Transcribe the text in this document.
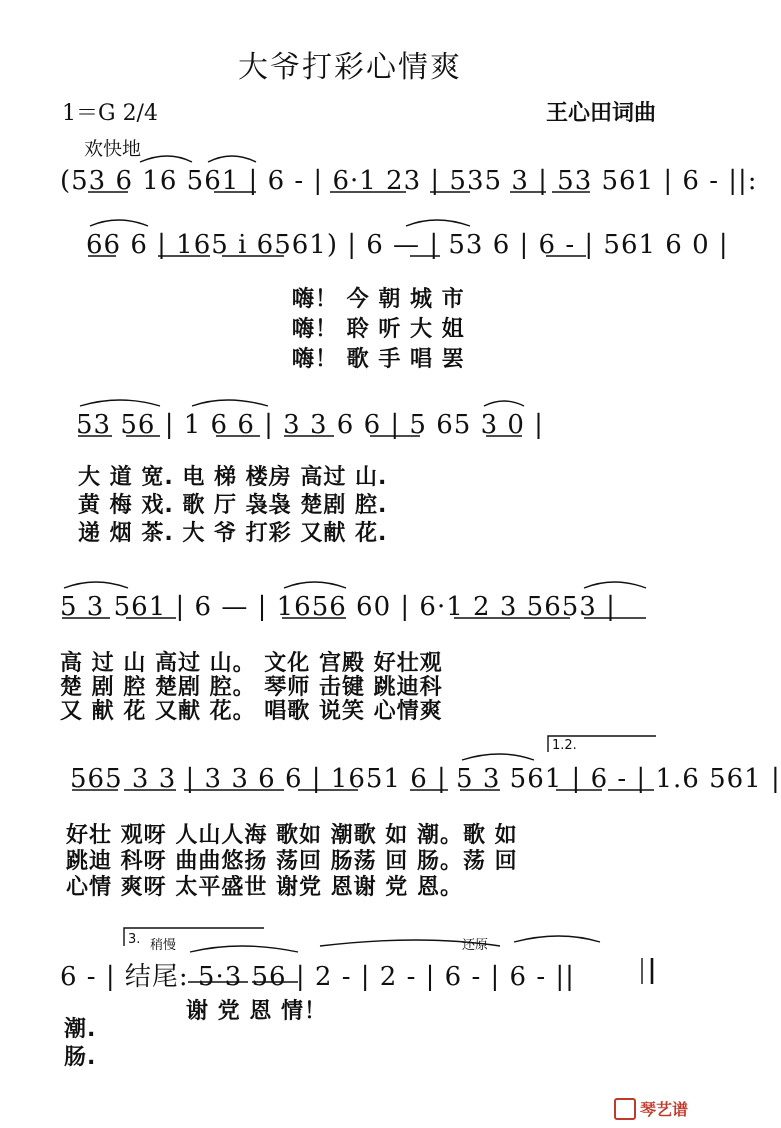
大爷打彩心情爽
1＝G 2/4	王心田词曲
欢快地
(53 6 16 561 | 6 - | 6·1 23 | 535 3 | 53 561 | 6 - ||:
66 6 | 165 i 6561) | 6 — | 53 6 | 6 - | 561 6 0 |
嗨！ 今 朝 城 市
嗨！ 聆 听 大 姐
嗨！ 歌 手 唱 罢
53 56 | 1 6 6 | 3 3 6 6 | 5 65 3 0 |
大 道 宽. 电 梯 楼房 高过 山.
黄 梅 戏. 歌 厅 袅袅 楚剧 腔.
递 烟 茶. 大 爷 打彩 又献 花.
5 3 561 | 6 — | 1656 60 | 6·1 2 3 5653 |
高 过 山 高过 山。 文化 宫殿 好壮观
楚 剧 腔 楚剧 腔。 琴师 击键 跳迪科
又 献 花 又献 花。 唱歌 说笑 心情爽
1.2.
565 3 3 | 3 3 6 6 | 1651 6 | 5 3 561 | 6 - | 1.6 561 |
好壮 观呀 人山人海 歌如 潮歌 如 潮。歌 如
跳迪 科呀 曲曲悠扬 荡回 肠荡 回 肠。荡 回
心情 爽呀 太平盛世 谢党 恩谢 党 恩。
3. 稍慢	还原
6 - | 结尾: 5·3 56 | 2 - | 2 - | 6 - | 6 - ||
谢 党 恩 情！
潮.
肠.
琴艺谱
